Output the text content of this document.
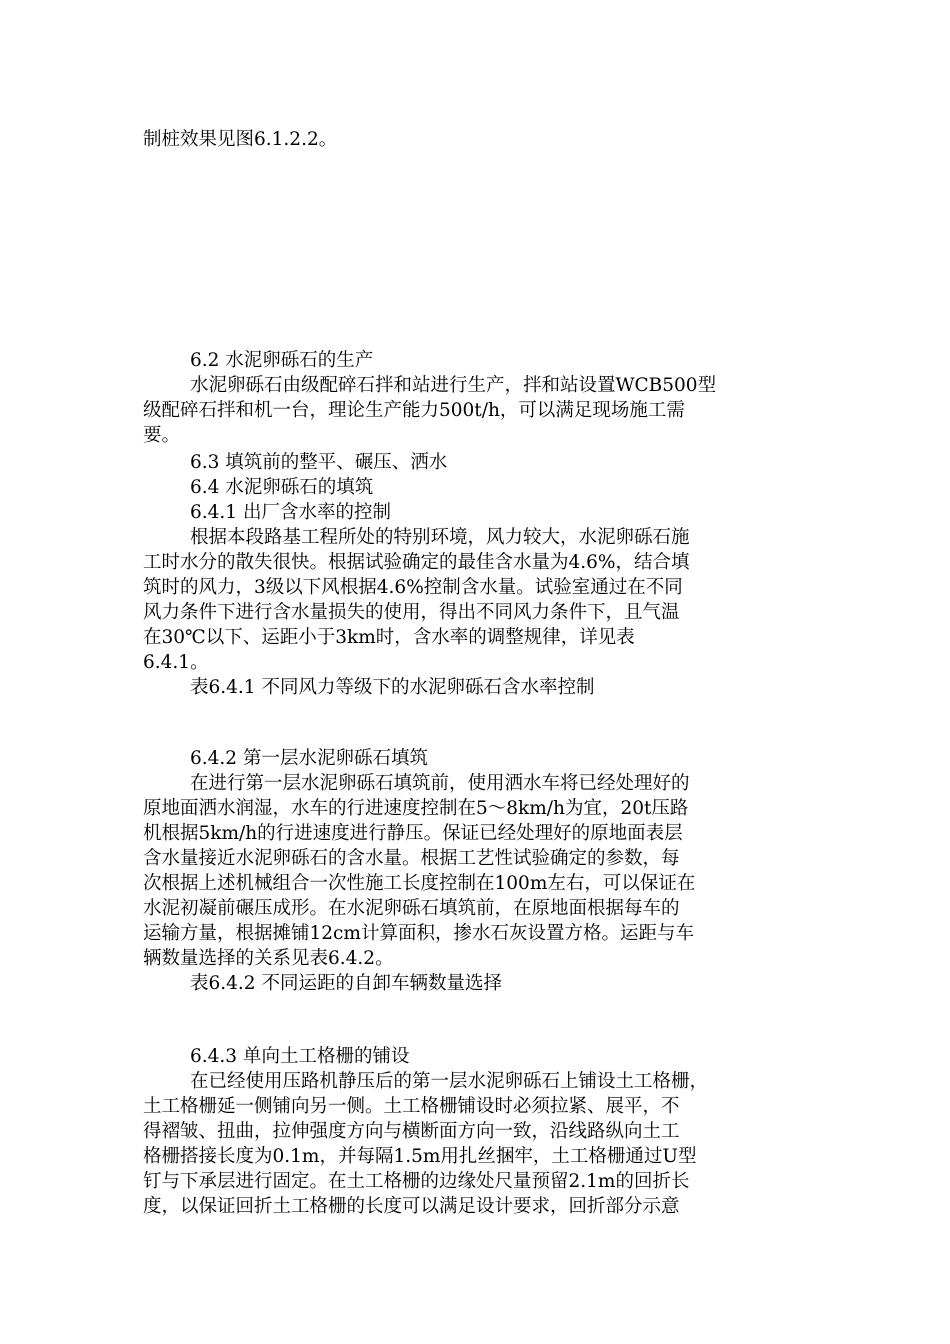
制桩效果见图6.1.2.2。
6.2 水泥卵砾石的生产
水泥卵砾石由级配碎石拌和站进行生产，拌和站设置WCB500型
级配碎石拌和机一台，理论生产能力500t/h，可以满足现场施工需
要。
6.3 填筑前的整平、碾压、洒水
6.4 水泥卵砾石的填筑
6.4.1 出厂含水率的控制
根据本段路基工程所处的特别环境，风力较大，水泥卵砾石施
工时水分的散失很快。根据试验确定的最佳含水量为4.6%，结合填
筑时的风力，3级以下风根据4.6%控制含水量。试验室通过在不同
风力条件下进行含水量损失的使用，得出不同风力条件下，且气温
在30℃以下、运距小于3km时，含水率的调整规律，详见表
6.4.1。
表6.4.1 不同风力等级下的水泥卵砾石含水率控制
6.4.2 第一层水泥卵砾石填筑
在进行第一层水泥卵砾石填筑前，使用洒水车将已经处理好的
原地面洒水润湿，水车的行进速度控制在5～8km/h为宜，20t压路
机根据5km/h的行进速度进行静压。保证已经处理好的原地面表层
含水量接近水泥卵砾石的含水量。根据工艺性试验确定的参数，每
次根据上述机械组合一次性施工长度控制在100m左右，可以保证在
水泥初凝前碾压成形。在水泥卵砾石填筑前，在原地面根据每车的
运输方量，根据摊铺12cm计算面积，掺水石灰设置方格。运距与车
辆数量选择的关系见表6.4.2。
表6.4.2 不同运距的自卸车辆数量选择
6.4.3 单向土工格栅的铺设
在已经使用压路机静压后的第一层水泥卵砾石上铺设土工格栅，
土工格栅延一侧铺向另一侧。土工格栅铺设时必须拉紧、展平，不
得褶皱、扭曲，拉伸强度方向与横断面方向一致，沿线路纵向土工
格栅搭接长度为0.1m，并每隔1.5m用扎丝捆牢，土工格栅通过U型
钉与下承层进行固定。在土工格栅的边缘处尺量预留2.1m的回折长
度，以保证回折土工格栅的长度可以满足设计要求，回折部分示意
